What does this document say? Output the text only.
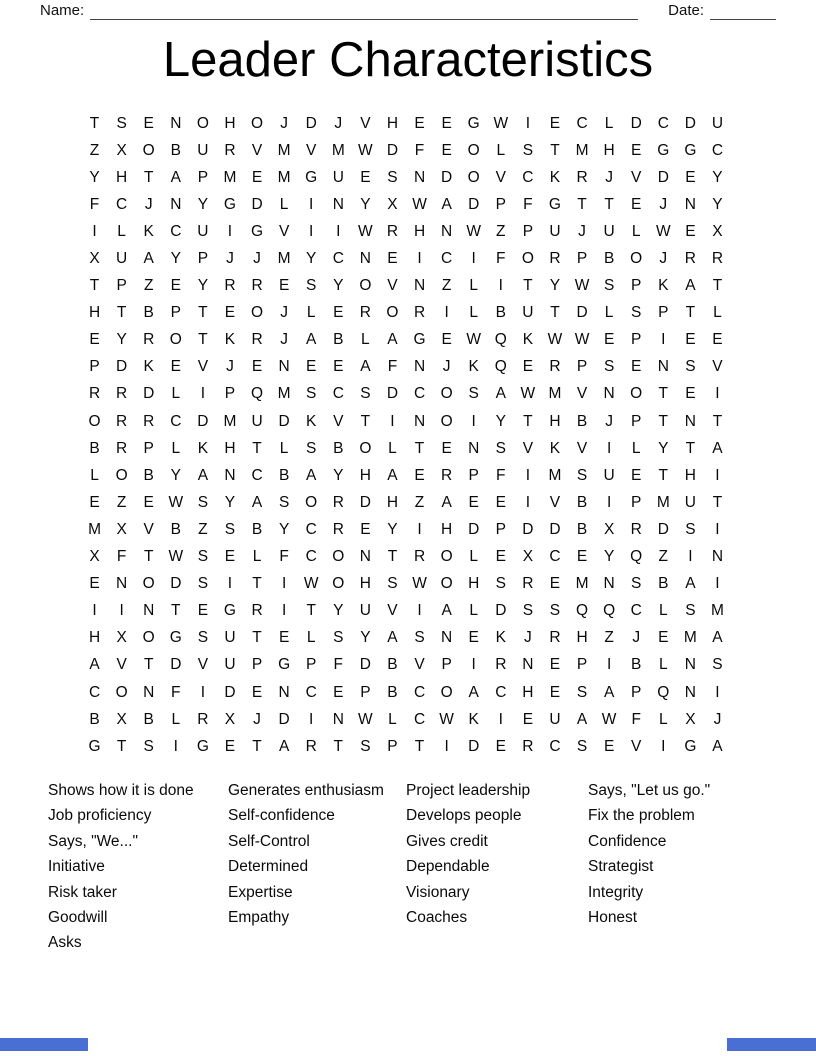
Name:	Date:
Leader Characteristics
T	S	E	N O H O	J	D	J	V	H	E	E	G W	I	E	C	L	D	C	D	U
Z	X	O	B	U	R	V M V M W D	F	E	O	L	S	T	M H	E	G G C
Y	H	T	A	P M E M G U	E	S	N	D O	V	C	K	R	J	V	D	E	Y
F	C	J	N	Y	G D	L	I	N	Y	X W A	D	P	F	G	T	T	E	J	N	Y
I	L	K	C	U	I	G	V	I	I	W R	H	N W Z	P	U	J	U	L W E	X
X	U	A	Y	P	J	J	M Y	C	N	E	I	C	I	F	O R	P	B	O	J	R	R
T	P	Z	E	Y	R	R	E	S	Y	O	V	N	Z	L	I	T	Y W S	P	K	A	T
H	T	B	P	T	E	O	J	L	E	R O R	I	L	B	U	T	D	L	S	P	T	L
E	Y	R O	T	K	R	J	A	B	L	A	G	E W Q	K W W E	P	I	E	E
P	D	K	E	V	J	E	N	E	E	A	F	N	J	K	Q	E	R	P	S	E	N	S	V
R	R	D	L	I	P	Q M S	C	S	D	C O	S	A W M V	N O	T	E	I
O R	R	C	D M U	D	K	V	T	I	N O	I	Y	T	H	B	J	P	T	N	T
B	R	P	L	K	H	T	L	S	B	O	L	T	E	N	S	V	K	V	I	L	Y	T	A
L	O	B	Y	A	N	C	B	A	Y	H	A	E	R	P	F	I	M S	U	E	T	H	I
E	Z	E W S	Y	A	S	O R	D	H	Z	A	E	E	I	V	B	I	P M U	T
M X	V	B	Z	S	B	Y	C	R	E	Y	I	H	D	P	D	D	B	X	R	D	S	I
X	F	T W S	E	L	F	C O N	T	R O	L	E	X	C	E	Y	Q	Z	I	N
E	N O D	S	I	T	I	W O H	S W O H	S	R	E M N	S	B	A	I
I	I	N	T	E	G R	I	T	Y	U	V	I	A	L	D	S	S	Q Q C	L	S M
H	X	O G	S	U	T	E	L	S	Y	A	S	N	E	K	J	R	H	Z	J	E M A
A	V	T	D	V	U	P	G	P	F	D	B	V	P	I	R	N	E	P	I	B	L	N	S
C O N	F	I	D	E	N	C	E	P	B	C O	A	C	H	E	S	A	P	Q N	I
B	X	B	L	R	X	J	D	I	N W L	C W K	I	E	U	A W F	L	X	J
G	T	S	I	G	E	T	A	R	T	S	P	T	I	D	E	R	C	S	E	V	I	G	A
Shows how it is done
Job proficiency
Says, "We..."
Initiative
Risk taker
Goodwill
Asks
Generates enthusiasm
Self-confidence
Self-Control
Determined
Expertise
Empathy
Project leadership
Develops people
Gives credit
Dependable
Visionary
Coaches
Says, "Let us go."
Fix the problem
Confidence
Strategist
Integrity
Honest
